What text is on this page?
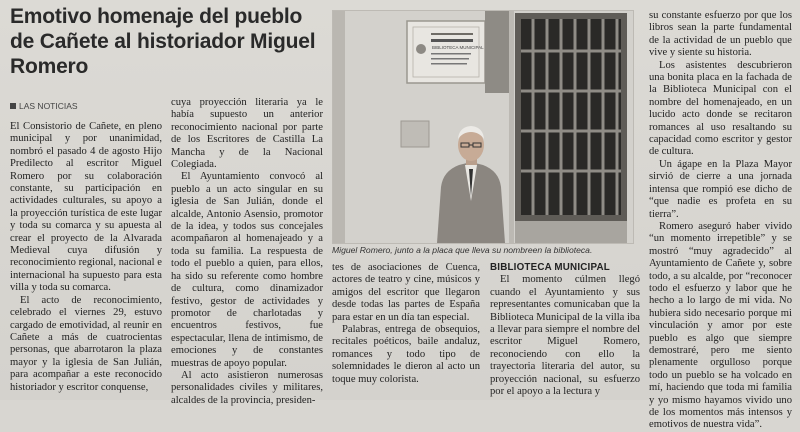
Emotivo homenaje del pueblo de Cañete al historiador Miguel Romero
LAS NOTICIAS

El Consistorio de Cañete, en pleno municipal y por unanimidad, nombró el pasado 4 de agosto Hijo Predilecto al escritor Miguel Romero por su colaboración constante, su participación en actividades culturales, su apoyo a la proyección turística de este lugar y toda su comarca y su apuesta al crear el proyecto de la Alvarada Medieval cuya difusión y reconocimiento regional, nacional e internacional ha supuesto para esta villa y toda su comarca.

El acto de reconocimiento, celebrado el viernes 29, estuvo cargado de emotividad, al reunir en Cañete a más de cuatrocientas personas, que abarrotaron la plaza mayor y la iglesia de San Julián, para acompañar a este reconocido historiador y escritor conquense,

cuya proyección literaria ya le había supuesto un anterior reconocimiento nacional por parte de los Escritores de Castilla La Mancha y de la Nacional Colegiada.

El Ayuntamiento convocó al pueblo a un acto singular en su iglesia de San Julián, donde el alcalde, Antonio Asensio, promotor de la idea, y todos sus concejales acompañaron al homenajeado y a toda su familia. La respuesta de todo el pueblo a quien, para ellos, ha sido su referente como hombre de cultura, como dinamizador festivo, gestor de actividades y promotor de charlotadas y encuentros festivos, fue espectacular, llena de intimismo, de emociones y de constantes muestras de apoyo popular.

Al acto asistieron numerosas personalidades civiles y militares, alcaldes de la provincia, presiden-

BIBLIOTECA MUNICIPAL
Miguel Romero, junto a la placa que lleva su nombreen la biblioteca.

tes de asociaciones de Cuenca, actores de teatro y cine, músicos y amigos del escritor que llegaron desde todas las partes de España para estar en un día tan especial.

Palabras, entrega de obsequios, recitales poéticos, baile andaluz, romances y todo tipo de solemnidades le dieron al acto un toque muy colorista.

BIBLIOTECA MUNICIPAL

El momento cúlmen llegó cuando el Ayuntamiento y sus representantes comunicaban que la Biblioteca Municipal de la villa iba a llevar para siempre el nombre del escritor Miguel Romero, reconociendo con ello la trayectoria literaria del autor, su proyección nacional, su esfuerzo por el apoyo a la lectura y

su constante esfuerzo por que los libros sean la parte fundamental de la actividad de un pueblo que vive y siente su historia.

Los asistentes descubrieron una bonita placa en la fachada de la Biblioteca Municipal con el nombre del homenajeado, en un lucido acto donde se recitaron romances al uso resaltando su capacidad como escritor y gestor de cultura.

Un ágape en la Plaza Mayor sirvió de cierre a una jornada intensa que rompió ese dicho de “que nadie es profeta en su tierra”.

Romero aseguró haber vivido “un momento irrepetible” y se mostró “muy agradecido” al Ayuntamiento de Cañete y, sobre todo, a su alcalde, por “reconocer todo el esfuerzo y labor que he hecho a lo largo de mi vida. No hubiera sido necesario porque mi vinculación y amor por este pueblo es algo que siempre demostraré, pero me siento plenamente orgulloso porque todo un pueblo se ha volcado en mí, haciendo que toda mi familia y yo mismo hayamos vivido uno de los momentos más intensos y emotivos de nuestra vida”.
